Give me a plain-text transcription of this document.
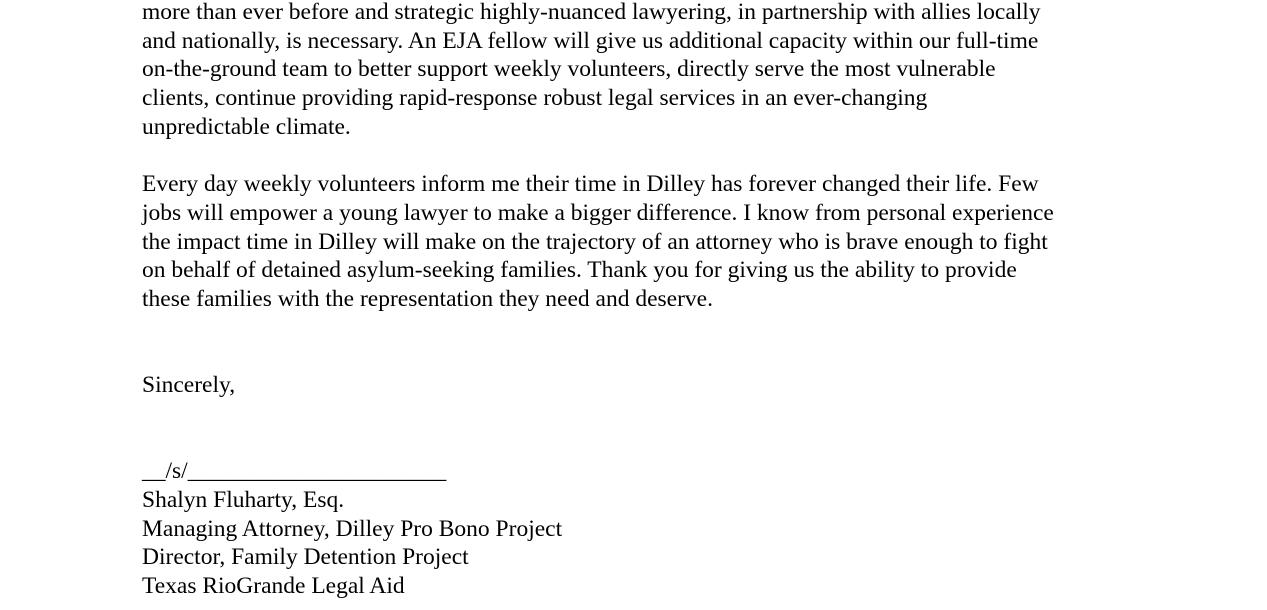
more than ever before and strategic highly-nuanced lawyering, in partnership with allies locally
and nationally, is necessary. An EJA fellow will give us additional capacity within our full-time
on-the-ground team to better support weekly volunteers, directly serve the most vulnerable
clients, continue providing rapid-response robust legal services in an ever-changing
unpredictable climate.

Every day weekly volunteers inform me their time in Dilley has forever changed their life. Few
jobs will empower a young lawyer to make a bigger difference. I know from personal experience
the impact time in Dilley will make on the trajectory of an attorney who is brave enough to fight
on behalf of detained asylum-seeking families. Thank you for giving us the ability to provide
these families with the representation they need and deserve.

Sincerely,

__/s/______________________

Shalyn Fluharty, Esq.

Managing Attorney, Dilley Pro Bono Project

Director, Family Detention Project

Texas RioGrande Legal Aid
